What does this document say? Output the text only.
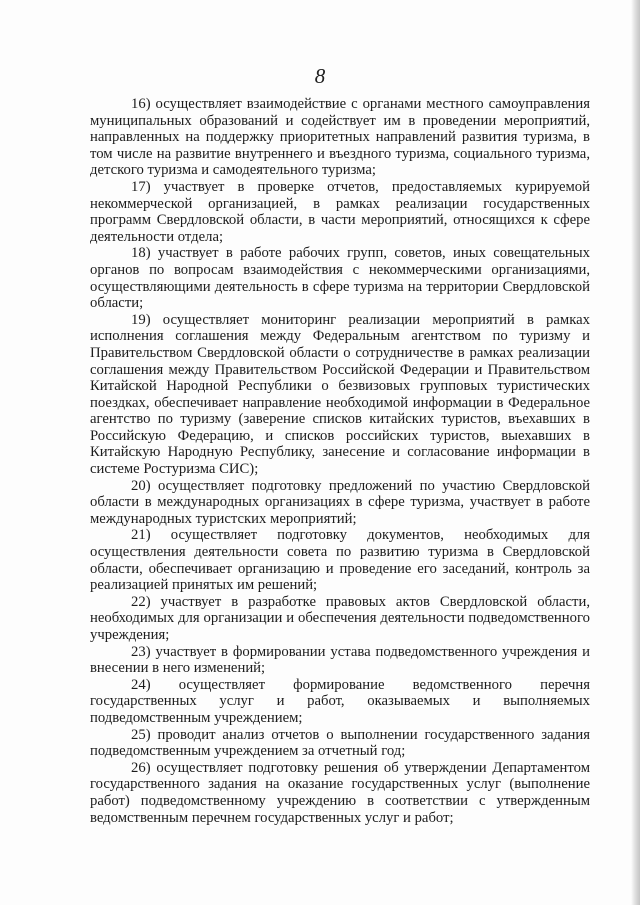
8

16) осуществляет взаимодействие с органами местного самоуправления муниципальных образований и содействует им в проведении мероприятий, направленных на поддержку приоритетных направлений развития туризма, в том числе на развитие внутреннего и въездного туризма, социального туризма, детского туризма и самодеятельного туризма;

17) участвует в проверке отчетов, предоставляемых курируемой некоммерческой организацией, в рамках реализации государственных программ Свердловской области, в части мероприятий, относящихся к сфере деятельности отдела;

18) участвует в работе рабочих групп, советов, иных совещательных органов по вопросам взаимодействия с некоммерческими организациями, осуществляющими деятельность в сфере туризма на территории Свердловской области;

19) осуществляет мониторинг реализации мероприятий в рамках исполнения соглашения между Федеральным агентством по туризму и Правительством Свердловской области о сотрудничестве в рамках реализации соглашения между Правительством Российской Федерации и Правительством Китайской Народной Республики о безвизовых групповых туристических поездках, обеспечивает направление необходимой информации в Федеральное агентство по туризму (заверение списков китайских туристов, въехавших в Российскую Федерацию, и списков российских туристов, выехавших в Китайскую Народную Республику, занесение и согласование информации в системе Ростуризма СИС);

20) осуществляет подготовку предложений по участию Свердловской области в международных организациях в сфере туризма, участвует в работе международных туристских мероприятий;

21) осуществляет подготовку документов, необходимых для осуществления деятельности совета по развитию туризма в Свердловской области, обеспечивает организацию и проведение его заседаний, контроль за реализацией принятых им решений;

22) участвует в разработке правовых актов Свердловской области, необходимых для организации и обеспечения деятельности подведомственного учреждения;

23) участвует в формировании устава подведомственного учреждения и внесении в него изменений;

24) осуществляет формирование ведомственного перечня государственных услуг и работ, оказываемых и выполняемых подведомственным учреждением;

25) проводит анализ отчетов о выполнении государственного задания подведомственным учреждением за отчетный год;

26) осуществляет подготовку решения об утверждении Департаментом государственного задания на оказание государственных услуг (выполнение работ) подведомственному учреждению в соответствии с утвержденным ведомственным перечнем государственных услуг и работ;
